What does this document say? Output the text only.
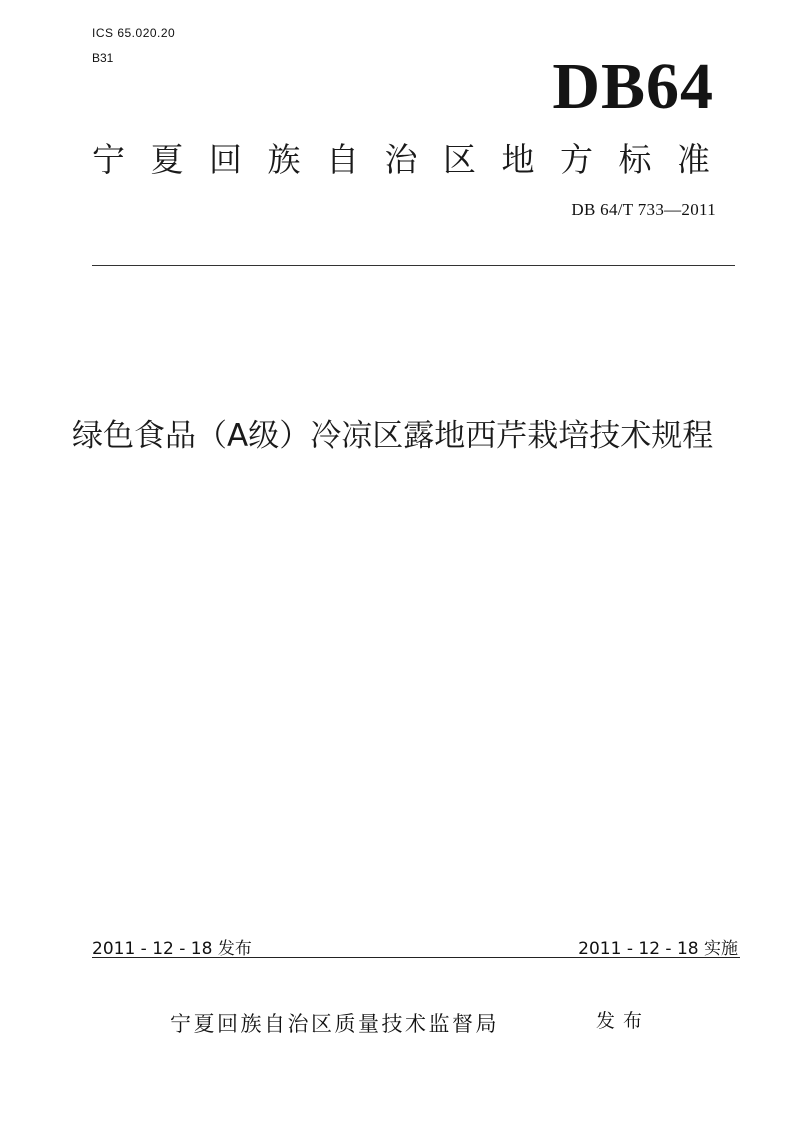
ICS 65.020.20
B31	DB64
宁夏回族自治区地方标准
DB 64/T 733—2011
绿色食品（A级）冷凉区露地西芹栽培技术规程
2011 - 12 - 18 发布	2011 - 12 - 18 实施
宁夏回族自治区质量技术监督局	发布
